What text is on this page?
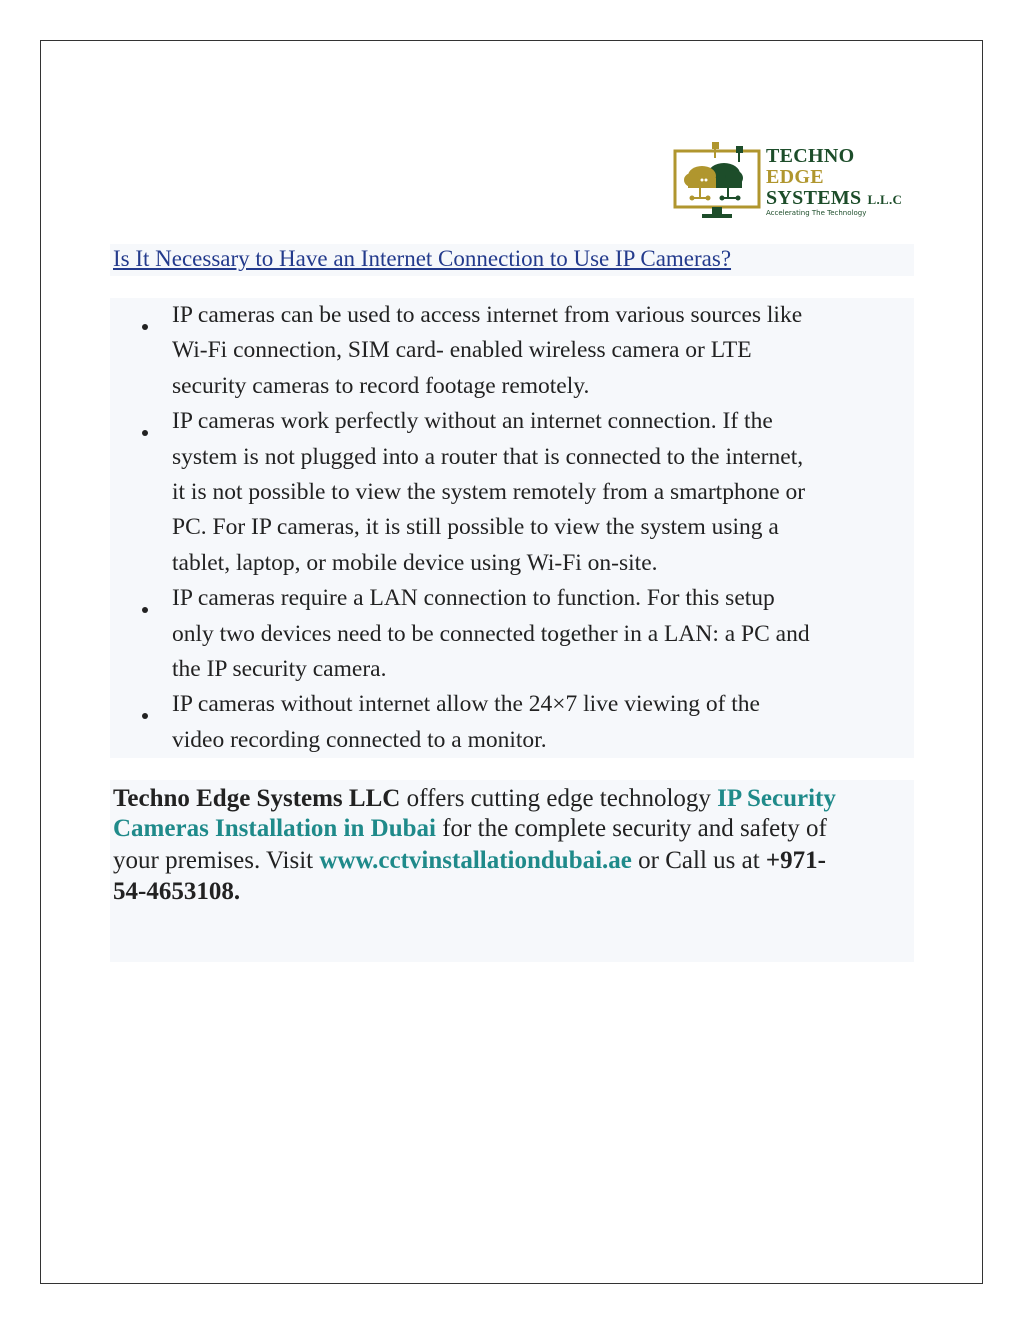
TECHNO
EDGE
SYSTEMS L.L.C
Accelerating The Technology
Is It Necessary to Have an Internet Connection to Use IP Cameras?
IP cameras can be used to access internet from various sources like
Wi-Fi connection, SIM card- enabled wireless camera or LTE
security cameras to record footage remotely.
IP cameras work perfectly without an internet connection. If the
system is not plugged into a router that is connected to the internet,
it is not possible to view the system remotely from a smartphone or
PC. For IP cameras, it is still possible to view the system using a
tablet, laptop, or mobile device using Wi-Fi on-site.
IP cameras require a LAN connection to function. For this setup
only two devices need to be connected together in a LAN: a PC and
the IP security camera.
IP cameras without internet allow the 24×7 live viewing of the
video recording connected to a monitor.
Techno Edge Systems LLC offers cutting edge technology IP Security
Cameras Installation in Dubai for the complete security and safety of
your premises. Visit www.cctvinstallationdubai.ae or Call us at +971-
54-4653108.
